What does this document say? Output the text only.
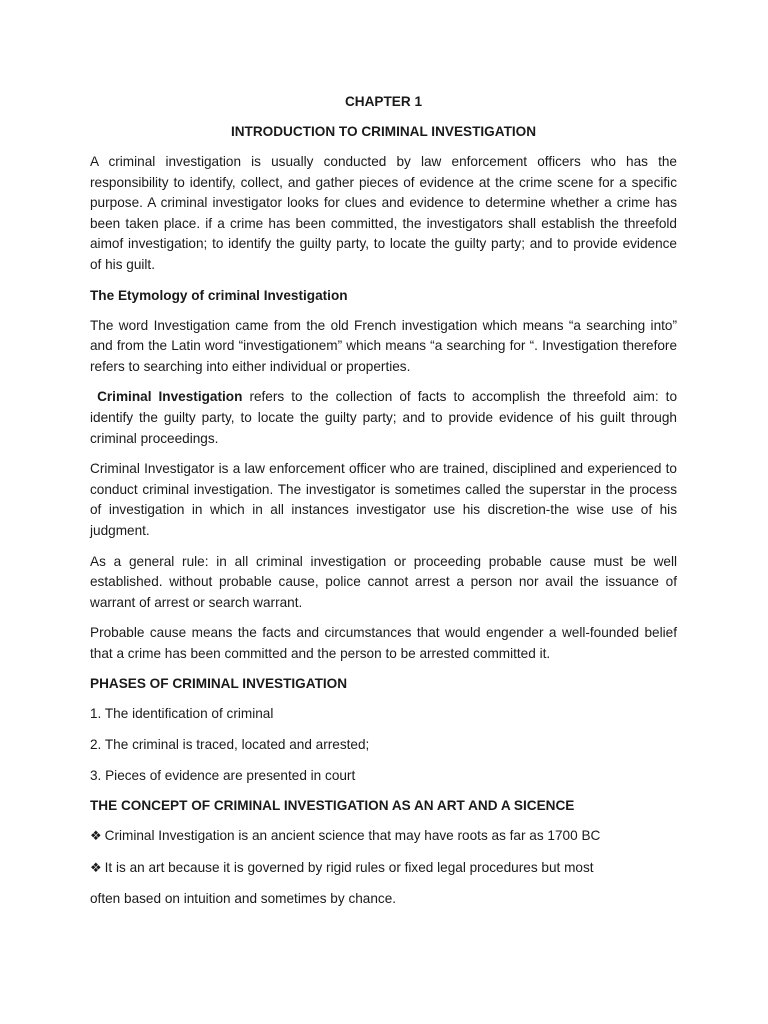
CHAPTER 1

INTRODUCTION TO CRIMINAL INVESTIGATION

A criminal investigation is usually conducted by law enforcement officers who has the responsibility to identify, collect, and gather pieces of evidence at the crime scene for a specific purpose. A criminal investigator looks for clues and evidence to determine whether a crime has been taken place. if a crime has been committed, the investigators shall establish the threefold aimof investigation; to identify the guilty party, to locate the guilty party; and to provide evidence of his guilt.

The Etymology of criminal Investigation

The word Investigation came from the old French investigation which means “a searching into” and from the Latin word “investigationem” which means “a searching for “. Investigation therefore refers to searching into either individual or properties.

Criminal Investigation refers to the collection of facts to accomplish the threefold aim: to identify the guilty party, to locate the guilty party; and to provide evidence of his guilt through criminal proceedings.

Criminal Investigator is a law enforcement officer who are trained, disciplined and experienced to conduct criminal investigation. The investigator is sometimes called the superstar in the process of investigation in which in all instances investigator use his discretion-the wise use of his judgment.

As a general rule: in all criminal investigation or proceeding probable cause must be well established. without probable cause, police cannot arrest a person nor avail the issuance of warrant of arrest or search warrant.

Probable cause means the facts and circumstances that would engender a well-founded belief that a crime has been committed and the person to be arrested committed it.

PHASES OF CRIMINAL INVESTIGATION
1. The identification of criminal
2. The criminal is traced, located and arrested;
3. Pieces of evidence are presented in court
THE CONCEPT OF CRIMINAL INVESTIGATION AS AN ART AND A SICENCE
❖ Criminal Investigation is an ancient science that may have roots as far as 1700 BC
❖ It is an art because it is governed by rigid rules or fixed legal procedures but most
often based on intuition and sometimes by chance.
